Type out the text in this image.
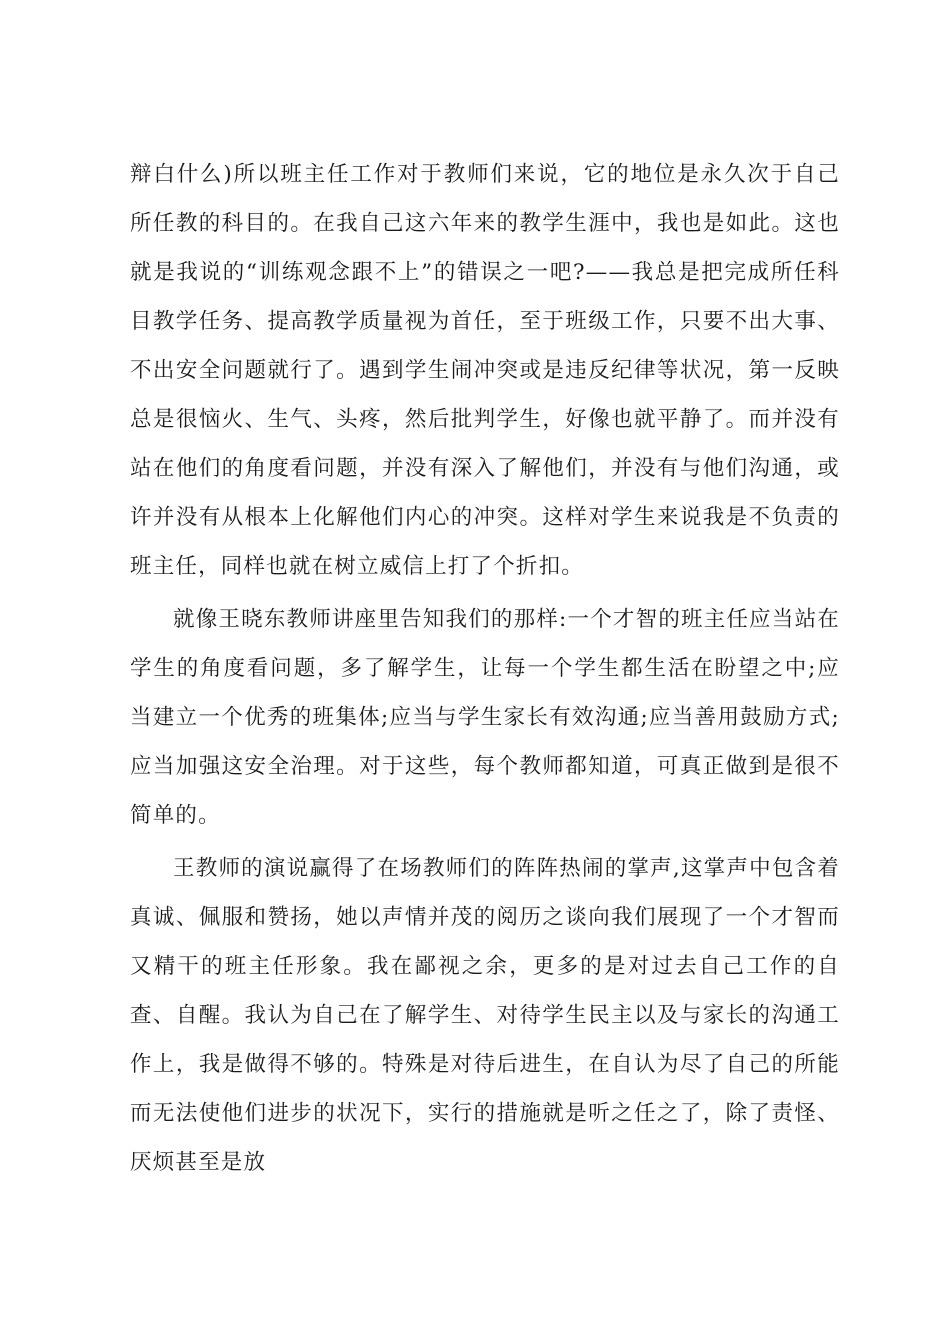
辩白什么)所以班主任工作对于教师们来说，它的地位是永久次于自己所任教的科目的。在我自己这六年来的教学生涯中，我也是如此。这也就是我说的“训练观念跟不上”的错误之一吧?——我总是把完成所任科目教学任务、提高教学质量视为首任，至于班级工作，只要不出大事、不出安全问题就行了。遇到学生闹冲突或是违反纪律等状况，第一反映总是很恼火、生气、头疼，然后批判学生，好像也就平静了。而并没有站在他们的角度看问题，并没有深入了解他们，并没有与他们沟通，或许并没有从根本上化解他们内心的冲突。这样对学生来说我是不负责的班主任，同样也就在树立威信上打了个折扣。

就像王晓东教师讲座里告知我们的那样:一个才智的班主任应当站在学生的角度看问题，多了解学生，让每一个学生都生活在盼望之中;应当建立一个优秀的班集体;应当与学生家长有效沟通;应当善用鼓励方式;应当加强这安全治理。对于这些，每个教师都知道，可真正做到是很不简单的。

王教师的演说赢得了在场教师们的阵阵热闹的掌声,这掌声中包含着真诚、佩服和赞扬，她以声情并茂的阅历之谈向我们展现了一个才智而又精干的班主任形象。我在鄙视之余，更多的是对过去自己工作的自查、自醒。我认为自己在了解学生、对待学生民主以及与家长的沟通工作上，我是做得不够的。特殊是对待后进生，在自认为尽了自己的所能而无法使他们进步的状况下，实行的措施就是听之任之了，除了责怪、厌烦甚至是放
